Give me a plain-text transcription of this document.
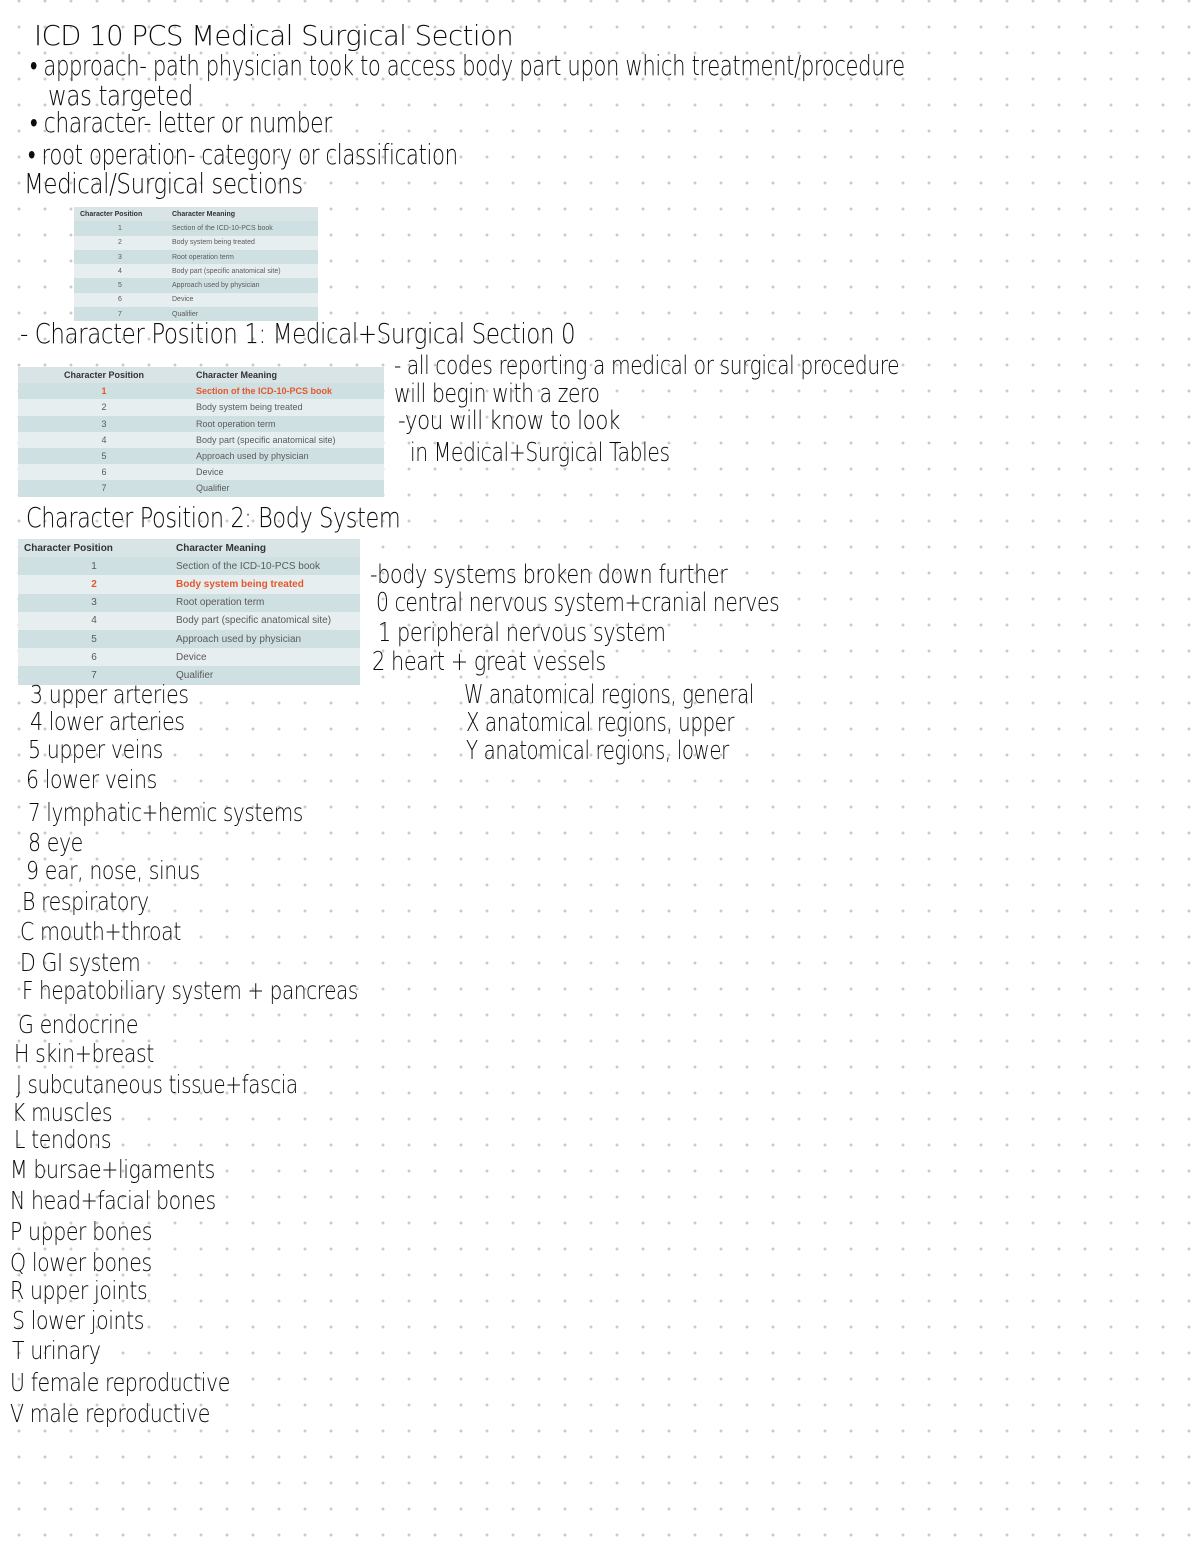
ICD 10 PCS Medical Surgical Section
• approach- path physician took to access body part upon which treatment/procedure
was targeted
• character- letter or number
• root operation- category or classification
Medical/Surgical sections
Character Position	Character Meaning
1	Section of the ICD-10-PCS book
2	Body system being treated
3	Root operation term
4	Body part (specific anatomical site)
5	Approach used by physician
6	Device
7	Qualifier
- Character Position 1: Medical+Surgical Section 0
- all codes reporting a medical or surgical procedure
will begin with a zero
-you will know to look
in Medical+Surgical Tables
Character Position	Character Meaning
1	Section of the ICD-10-PCS book
2	Body system being treated
3	Root operation term
4	Body part (specific anatomical site)
5	Approach used by physician
6	Device
7	Qualifier
Character Position 2: Body System
Character Position	Character Meaning
1	Section of the ICD-10-PCS book
2	Body system being treated
3	Root operation term
4	Body part (specific anatomical site)
5	Approach used by physician
6	Device
7	Qualifier
-body systems broken down further
0 central nervous system+cranial nerves
1 peripheral nervous system
2 heart + great vessels
W anatomical regions, general
X anatomical regions, upper
Y anatomical regions, lower
3 upper arteries
4 lower arteries
5 upper veins
6 lower veins
7 lymphatic+hemic systems
8 eye
9 ear, nose, sinus
B respiratory
C mouth+throat
D GI system
F hepatobiliary system + pancreas
G endocrine
H skin+breast
J subcutaneous tissue+fascia
K muscles
L tendons
M bursae+ligaments
N head+facial bones
P upper bones
Q lower bones
R upper joints
S lower joints
T urinary
U female reproductive
V male reproductive
